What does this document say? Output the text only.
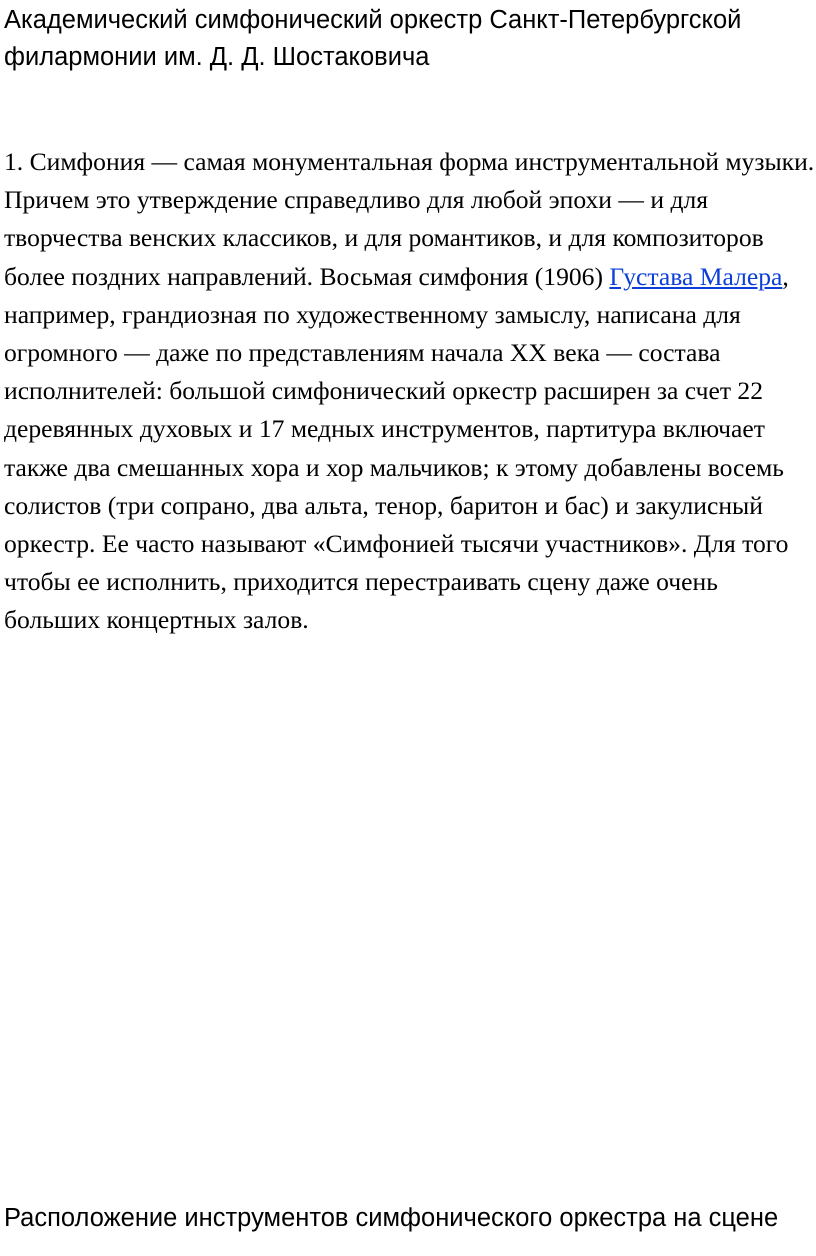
Академический симфонический оркестр Санкт-Петербургской филармонии им. Д. Д. Шостаковича

1. Симфония — самая монументальная форма инструментальной музыки. Причем это утверждение справедливо для любой эпохи — и для творчества венских классиков, и для романтиков, и для композиторов более поздних направлений. Восьмая симфония (1906) Густава Малера, например, грандиозная по художественному замыслу, написана для огромного — даже по представлениям начала XX века — состава исполнителей: большой симфонический оркестр расширен за счет 22 деревянных духовых и 17 медных инструментов, партитура включает также два смешанных хора и хор мальчиков; к этому добавлены восемь солистов (три сопрано, два альта, тенор, баритон и бас) и закулисный оркестр. Ее часто называют «Симфонией тысячи участников». Для того чтобы ее исполнить, приходится перестраивать сцену даже очень больших концертных залов.

Расположение инструментов симфонического оркестра на сцене
